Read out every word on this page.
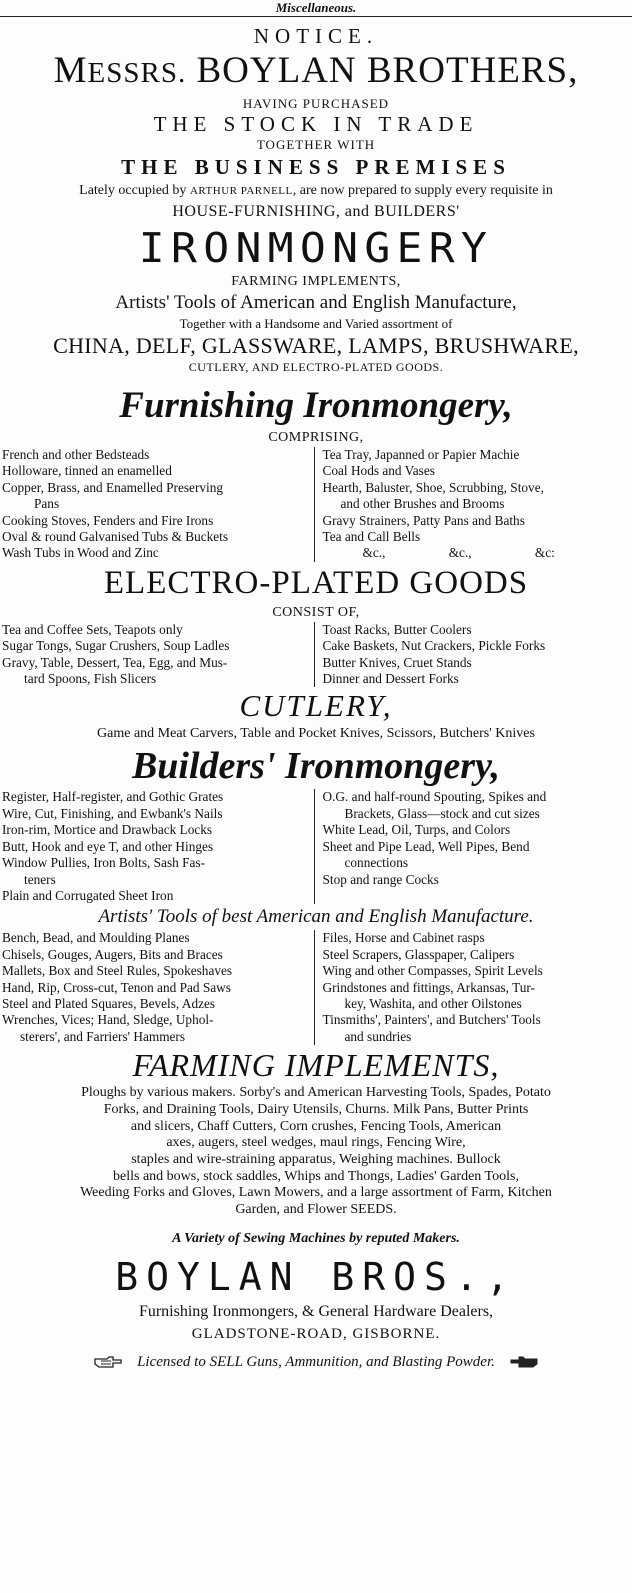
Miscellaneous.
NOTICE.
MESSRS. BOYLAN BROTHERS,
HAVING PURCHASED
THE STOCK IN TRADE
TOGETHER WITH
THE BUSINESS PREMISES
Lately occupied by ARTHUR PARNELL, are now prepared to supply every requisite in
HOUSE-FURNISHING, and BUILDERS'
IRONMONGERY
FARMING IMPLEMENTS,
Artists' Tools of American and English Manufacture,
Together with a Handsome and Varied assortment of
CHINA, DELF, GLASSWARE, LAMPS, BRUSHWARE,
CUTLERY, AND ELECTRO-PLATED GOODS.
Furnishing Ironmongery,
COMPRISING,
French and other Bedsteads
Holloware, tinned an enamelled
Copper, Brass, and Enamelled Preserving
Pans
Cooking Stoves, Fenders and Fire Irons
Oval & round Galvanised Tubs & Buckets
Wash Tubs in Wood and Zinc
Tea Tray, Japanned or Papier Machie
Coal Hods and Vases
Hearth, Baluster, Shoe, Scrubbing, Stove,
and other Brushes and Brooms
Gravy Strainers, Patty Pans and Baths
Tea and Call Bells
&c., &c., &c:
ELECTRO-PLATED GOODS
CONSIST OF,
Tea and Coffee Sets, Teapots only
Sugar Tongs, Sugar Crushers, Soup Ladles
Gravy, Table, Dessert, Tea, Egg, and Mus-
tard Spoons, Fish Slicers
Toast Racks, Butter Coolers
Cake Baskets, Nut Crackers, Pickle Forks
Butter Knives, Cruet Stands
Dinner and Dessert Forks
CUTLERY,
Game and Meat Carvers, Table and Pocket Knives, Scissors, Butchers' Knives
Builders' Ironmongery,
Register, Half-register, and Gothic Grates
Wire, Cut, Finishing, and Ewbank's Nails
Iron-rim, Mortice and Drawback Locks
Butt, Hook and eye T, and other Hinges
Window Pullies, Iron Bolts, Sash Fas-
teners
Plain and Corrugated Sheet Iron
O.G. and half-round Spouting, Spikes and
Brackets, Glass—stock and cut sizes
White Lead, Oil, Turps, and Colors
Sheet and Pipe Lead, Well Pipes, Bend
connections
Stop and range Cocks
Artists' Tools of best American and English Manufacture.
Bench, Bead, and Moulding Planes
Chisels, Gouges, Augers, Bits and Braces
Mallets, Box and Steel Rules, Spokeshaves
Hand, Rip, Cross-cut, Tenon and Pad Saws
Steel and Plated Squares, Bevels, Adzes
Wrenches, Vices; Hand, Sledge, Uphol-
sterers', and Farriers' Hammers
Files, Horse and Cabinet rasps
Steel Scrapers, Glasspaper, Calipers
Wing and other Compasses, Spirit Levels
Grindstones and fittings, Arkansas, Tur-
key, Washita, and other Oilstones
Tinsmiths', Painters', and Butchers' Tools
and sundries
FARMING IMPLEMENTS,
Ploughs by various makers. Sorby's and American Harvesting Tools, Spades, Potato
Forks, and Draining Tools, Dairy Utensils, Churns. Milk Pans, Butter Prints
and slicers, Chaff Cutters, Corn crushes, Fencing Tools, American
axes, augers, steel wedges, maul rings, Fencing Wire,
staples and wire-straining apparatus, Weighing machines. Bullock
bells and bows, stock saddles, Whips and Thongs, Ladies' Garden Tools,
Weeding Forks and Gloves, Lawn Mowers, and a large assortment of Farm, Kitchen
Garden, and Flower SEEDS.
A Variety of Sewing Machines by reputed Makers.
BOYLAN BROS.,
Furnishing Ironmongers, & General Hardware Dealers,
GLADSTONE-ROAD, GISBORNE.
Licensed to SELL Guns, Ammunition, and Blasting Powder.
